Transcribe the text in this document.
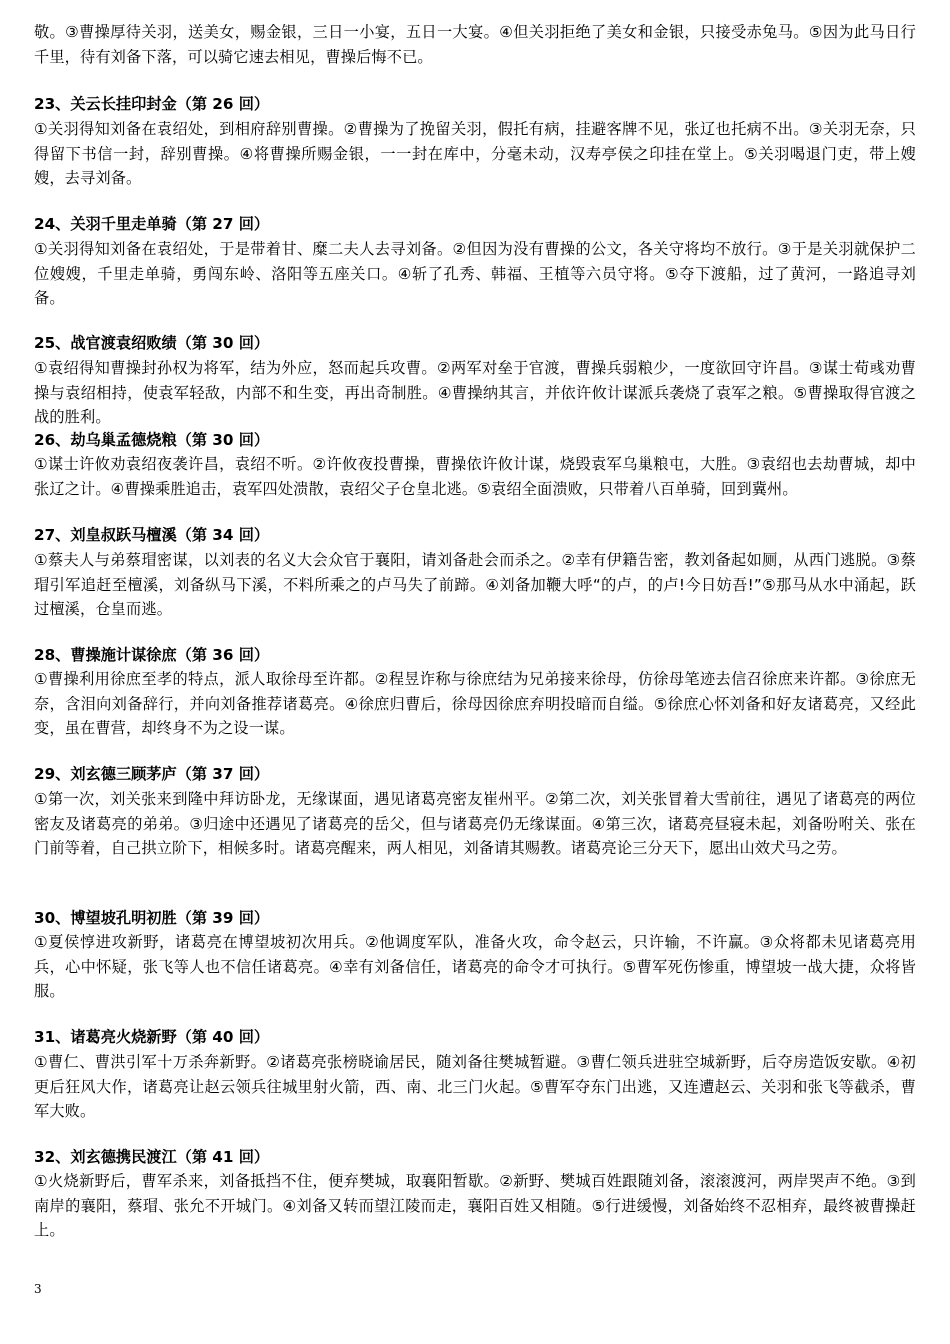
敬。③曹操厚待关羽，送美女，赐金银，三日一小宴，五日一大宴。④但关羽拒绝了美女和金银，只接受赤兔马。⑤因为此马日行千里，待有刘备下落，可以骑它速去相见，曹操后悔不已。
23、关云长挂印封金（第 26 回）
①关羽得知刘备在袁绍处，到相府辞别曹操。②曹操为了挽留关羽，假托有病，挂避客牌不见，张辽也托病不出。③关羽无奈，只得留下书信一封，辞别曹操。④将曹操所赐金银，一一封在库中，分毫未动，汉寿亭侯之印挂在堂上。⑤关羽喝退门吏，带上嫂嫂，去寻刘备。
24、关羽千里走单骑（第 27 回）
①关羽得知刘备在袁绍处，于是带着甘、糜二夫人去寻刘备。②但因为没有曹操的公文，各关守将均不放行。③于是关羽就保护二位嫂嫂，千里走单骑，勇闯东岭、洛阳等五座关口。④斩了孔秀、韩福、王植等六员守将。⑤夺下渡船，过了黄河，一路追寻刘备。
25、战官渡袁绍败绩（第 30 回）
①袁绍得知曹操封孙权为将军，结为外应，怒而起兵攻曹。②两军对垒于官渡，曹操兵弱粮少，一度欲回守许昌。③谋士荀彧劝曹操与袁绍相持，使袁军轻敌，内部不和生变，再出奇制胜。④曹操纳其言，并依许攸计谋派兵袭烧了袁军之粮。⑤曹操取得官渡之战的胜利。
26、劫乌巢孟德烧粮（第 30 回）
①谋士许攸劝袁绍夜袭许昌，袁绍不听。②许攸夜投曹操，曹操依许攸计谋，烧毁袁军乌巢粮屯，大胜。③袁绍也去劫曹城，却中张辽之计。④曹操乘胜追击，袁军四处溃散，袁绍父子仓皇北逃。⑤袁绍全面溃败，只带着八百单骑，回到冀州。
27、刘皇叔跃马檀溪（第 34 回）
①蔡夫人与弟蔡瑁密谋，以刘表的名义大会众官于襄阳，请刘备赴会而杀之。②幸有伊籍告密，教刘备起如厕，从西门逃脱。③蔡瑁引军追赶至檀溪，刘备纵马下溪，不料所乘之的卢马失了前蹄。④刘备加鞭大呼“的卢，的卢!今日妨吾!”⑤那马从水中涌起，跃过檀溪，仓皇而逃。
28、曹操施计谋徐庶（第 36 回）
①曹操利用徐庶至孝的特点，派人取徐母至许都。②程昱诈称与徐庶结为兄弟接来徐母，仿徐母笔迹去信召徐庶来许都。③徐庶无奈，含泪向刘备辞行，并向刘备推荐诸葛亮。④徐庶归曹后，徐母因徐庶弃明投暗而自缢。⑤徐庶心怀刘备和好友诸葛亮，又经此变，虽在曹营，却终身不为之设一谋。
29、刘玄德三顾茅庐（第 37 回）
①第一次，刘关张来到隆中拜访卧龙，无缘谋面，遇见诸葛亮密友崔州平。②第二次，刘关张冒着大雪前往，遇见了诸葛亮的两位密友及诸葛亮的弟弟。③归途中还遇见了诸葛亮的岳父，但与诸葛亮仍无缘谋面。④第三次，诸葛亮昼寝未起，刘备吩咐关、张在门前等着，自己拱立阶下，相候多时。诸葛亮醒来，两人相见，刘备请其赐教。诸葛亮论三分天下，愿出山效犬马之劳。
30、博望坡孔明初胜（第 39 回）
①夏侯惇进攻新野，诸葛亮在博望坡初次用兵。②他调度军队，准备火攻，命令赵云，只许输，不许赢。③众将都未见诸葛亮用兵，心中怀疑，张飞等人也不信任诸葛亮。④幸有刘备信任，诸葛亮的命令才可执行。⑤曹军死伤惨重，博望坡一战大捷，众将皆服。
31、诸葛亮火烧新野（第 40 回）
①曹仁、曹洪引军十万杀奔新野。②诸葛亮张榜晓谕居民，随刘备往樊城暂避。③曹仁领兵进驻空城新野，后夺房造饭安歇。④初更后狂风大作，诸葛亮让赵云领兵往城里射火箭，西、南、北三门火起。⑤曹军夺东门出逃，又连遭赵云、关羽和张飞等截杀，曹军大败。
32、刘玄德携民渡江（第 41 回）
①火烧新野后，曹军杀来，刘备抵挡不住，便弃樊城，取襄阳暂歇。②新野、樊城百姓跟随刘备，滚滚渡河，两岸哭声不绝。③到南岸的襄阳，蔡瑁、张允不开城门。④刘备又转而望江陵而走，襄阳百姓又相随。⑤行进缓慢，刘备始终不忍相弃，最终被曹操赶上。
3
